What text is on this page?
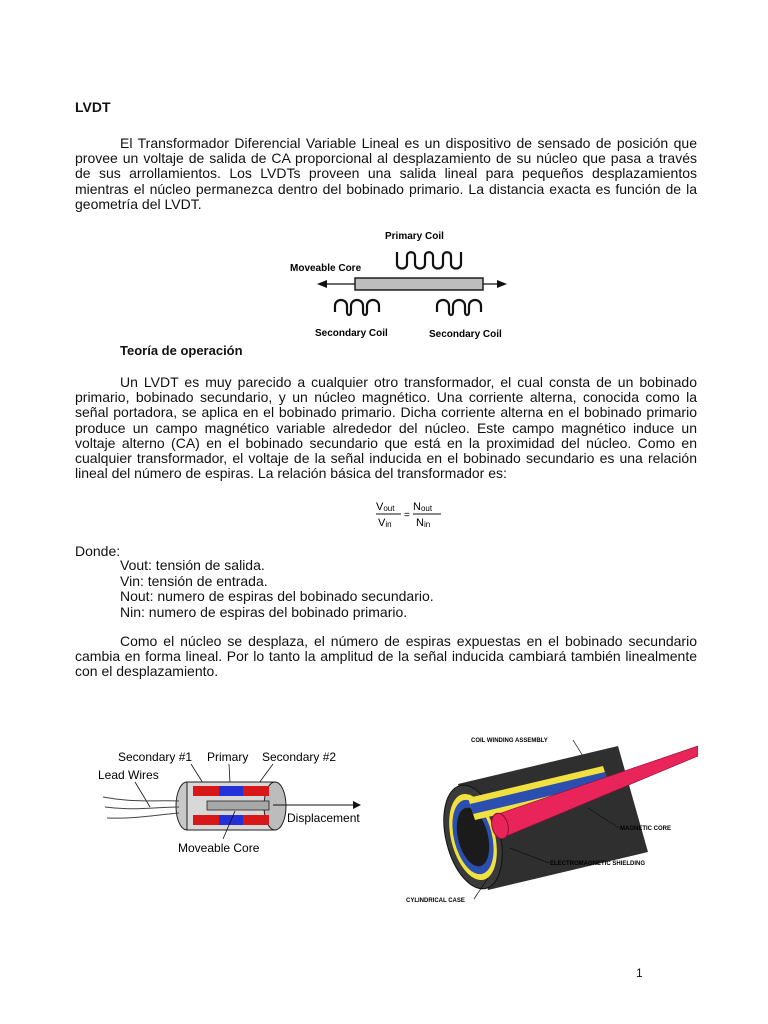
LVDT

El Transformador Diferencial Variable Lineal es un dispositivo de sensado de posición que provee un voltaje de salida de CA proporcional al desplazamiento de su núcleo que pasa a través de sus arrollamientos. Los LVDTs proveen una salida lineal para pequeños desplazamientos mientras el núcleo permanezca dentro del bobinado primario. La distancia exacta es función de la geometría del LVDT.

Primary Coil
Moveable Core
Secondary Coil	Secondary Coil
Teoría de operación

Un LVDT es muy parecido a cualquier otro transformador, el cual consta de un bobinado primario, bobinado secundario, y un núcleo magnético. Una corriente alterna, conocida como la señal portadora, se aplica en el bobinado primario. Dicha corriente alterna en el bobinado primario produce un campo magnético variable alrededor del núcleo. Este campo magnético induce un voltaje alterno (CA) en el bobinado secundario que está en la proximidad del núcleo. Como en cualquier transformador, el voltaje de la señal inducida en el bobinado secundario es una relación lineal del número de espiras. La relación básica del transformador es:

Vout
Vin
=
Nout
Nin

Donde:

Vout: tensión de salida.
Vin: tensión de entrada.
Nout: numero de espiras del bobinado secundario.
Nin: numero de espiras del bobinado primario.

Como el núcleo se desplaza, el número de espiras expuestas en el bobinado secundario cambia en forma lineal. Por lo tanto la amplitud de la señal inducida cambiará también linealmente con el desplazamiento.

Secondary #1 Primary Secondary #2
Lead Wires
Displacement
Moveable Core
COIL WINDING ASSEMBLY
MAGNETIC CORE
ELECTROMAGNETIC SHIELDING
CYLINDRICAL CASE

1
